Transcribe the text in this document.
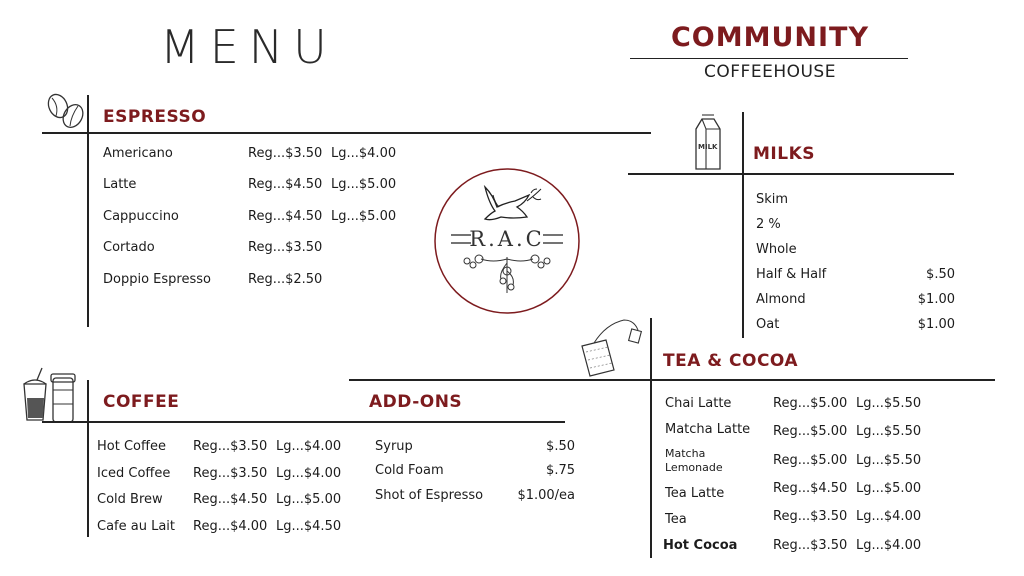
MENU	COMMUNITY
COFFEEHOUSE
ESPRESSO
Americano	Reg...$3.50 Lg...$4.00
Latte	Reg...$4.50 Lg...$5.00
Cappuccino	Reg...$4.50 Lg...$5.00
Cortado	Reg...$3.50
Doppio Espresso	Reg...$2.50
R.A.C
MILK MILKS
Skim
2 %
Whole
Half & Half	$.50
Almond	$1.00
Oat	$1.00
TEA & COCOA
Chai Latte	Reg...$5.00 Lg...$5.50
Matcha Latte Reg...$5.00 Lg...$5.50
Matcha
Lemonade	Reg...$5.00 Lg...$5.50
Tea Latte	Reg...$4.50 Lg...$5.00
Tea	Reg...$3.50 Lg...$4.00
Hot Cocoa	Reg...$3.50 Lg...$4.00
COFFEE
Hot Coffee Reg...$3.50 Lg...$4.00
Iced Coffee Reg...$3.50 Lg...$4.00
Cold Brew Reg...$4.50 Lg...$5.00
Cafe au Lait Reg...$4.00 Lg...$4.50
ADD-ONS
Syrup	$.50
Cold Foam	$.75
Shot of Espresso	$1.00/ea
